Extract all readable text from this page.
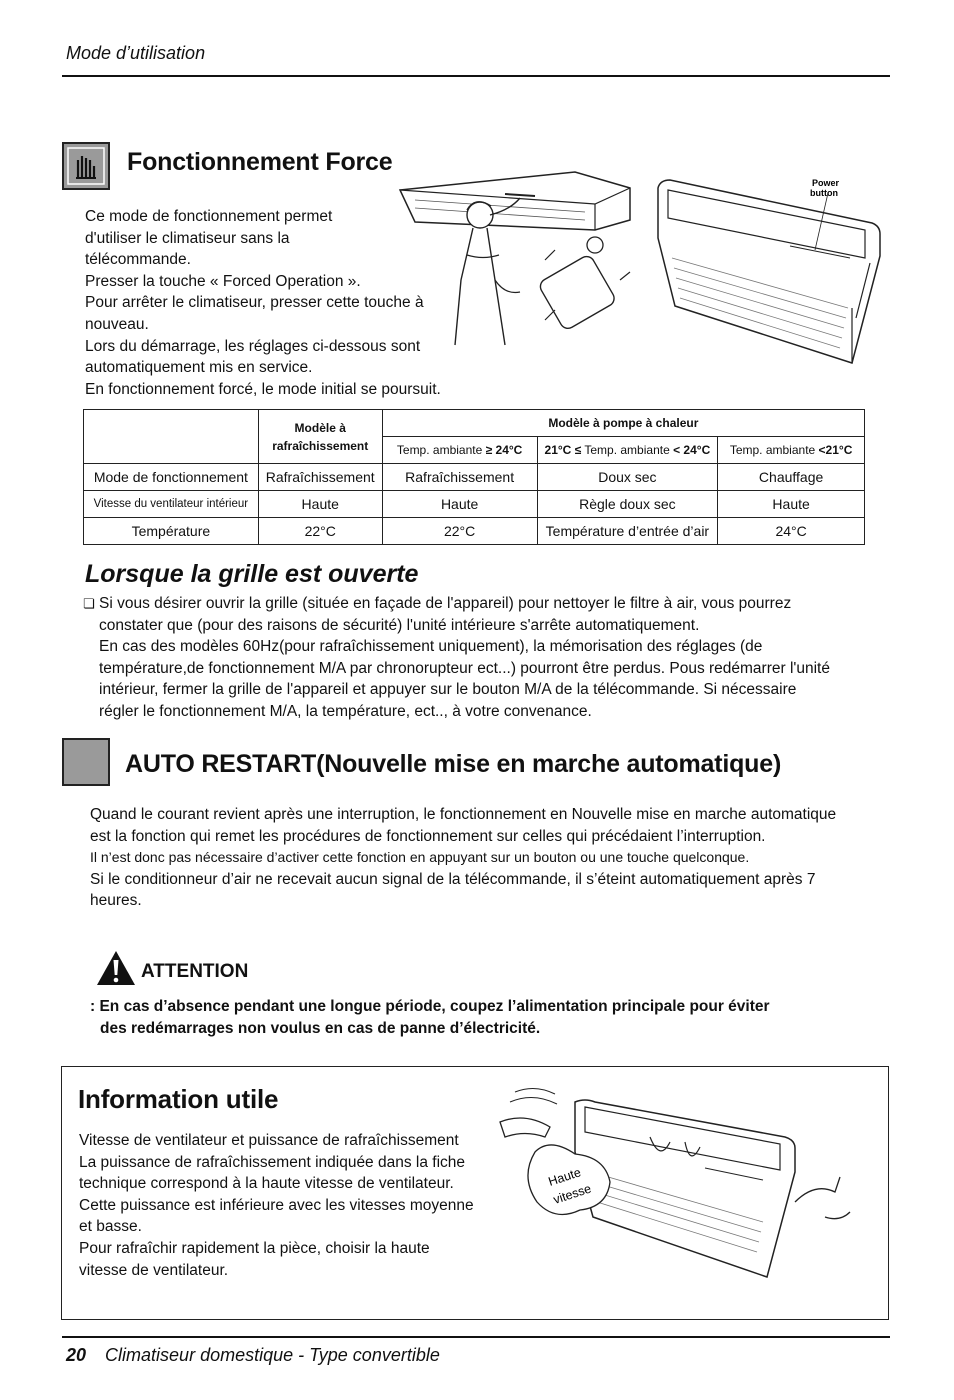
Mode d’utilisation
Fonctionnement Force
Ce mode de fonctionnement permet
d'utiliser le climatiseur sans la
télécommande.
Presser la touche « Forced Operation ».
Pour arrêter le climatiseur, presser cette touche à
nouveau.
Lors du démarrage, les réglages ci-dessous sont
automatiquement mis en service.
En fonctionnement forcé, le mode initial se poursuit.
Power
button

	Modèle à
rafraîchissement	Modèle à pompe à chaleur		
		Temp. ambiante ≥ 24°C	21°C ≤ Temp. ambiante < 24°C	Temp. ambiante <21°C
Mode de fonctionnement	Rafraîchissement	Rafraîchissement	Doux sec	Chauffage
Vitesse du ventilateur intérieur	Haute	Haute	Règle doux sec	Haute
Température	22°C	22°C	Température d’entrée d’air	24°C
Lorsque la grille est ouverte
❏ Si vous désirer ouvrir la grille (située en façade de l'appareil) pour nettoyer le filtre à air, vous pourrez
constater que (pour des raisons de sécurité) l'unité intérieure s'arrête automatiquement.
En cas des modèles 60Hz(pour rafraîchissement uniquement), la mémorisation des réglages (de
température,de fonctionnement M/A par chronorupteur ect...) pourront être perdus. Pous redémarrer l'unité
intérieur, fermer la grille de l'appareil et appuyer sur le bouton M/A de la télécommande. Si nécessaire
régler le fonctionnement M/A, la température, ect.., à votre convenance.
AUTO RESTART(Nouvelle mise en marche automatique)
Quand le courant revient après une interruption, le fonctionnement en Nouvelle mise en marche automatique
est la fonction qui remet les procédures de fonctionnement sur celles qui précédaient l’interruption.
Il n’est donc pas nécessaire d’activer cette fonction en appuyant sur un bouton ou une touche quelconque.
Si le conditionneur d’air ne recevait aucun signal de la télécommande, il s’éteint automatiquement après 7
heures.
ATTENTION
: En cas d’absence pendant une longue période, coupez l’alimentation principale pour éviter
des redémarrages non voulus en cas de panne d’électricité.
Information utile
Vitesse de ventilateur et puissance de rafraîchissement
La puissance de rafraîchissement indiquée dans la fiche
technique correspond à la haute vitesse de ventilateur.
Cette puissance est inférieure avec les vitesses moyenne
et basse.
Pour rafraîchir rapidement la pièce, choisir la haute
vitesse de ventilateur.
Haute
vitesse
20 Climatiseur domestique - Type convertible
